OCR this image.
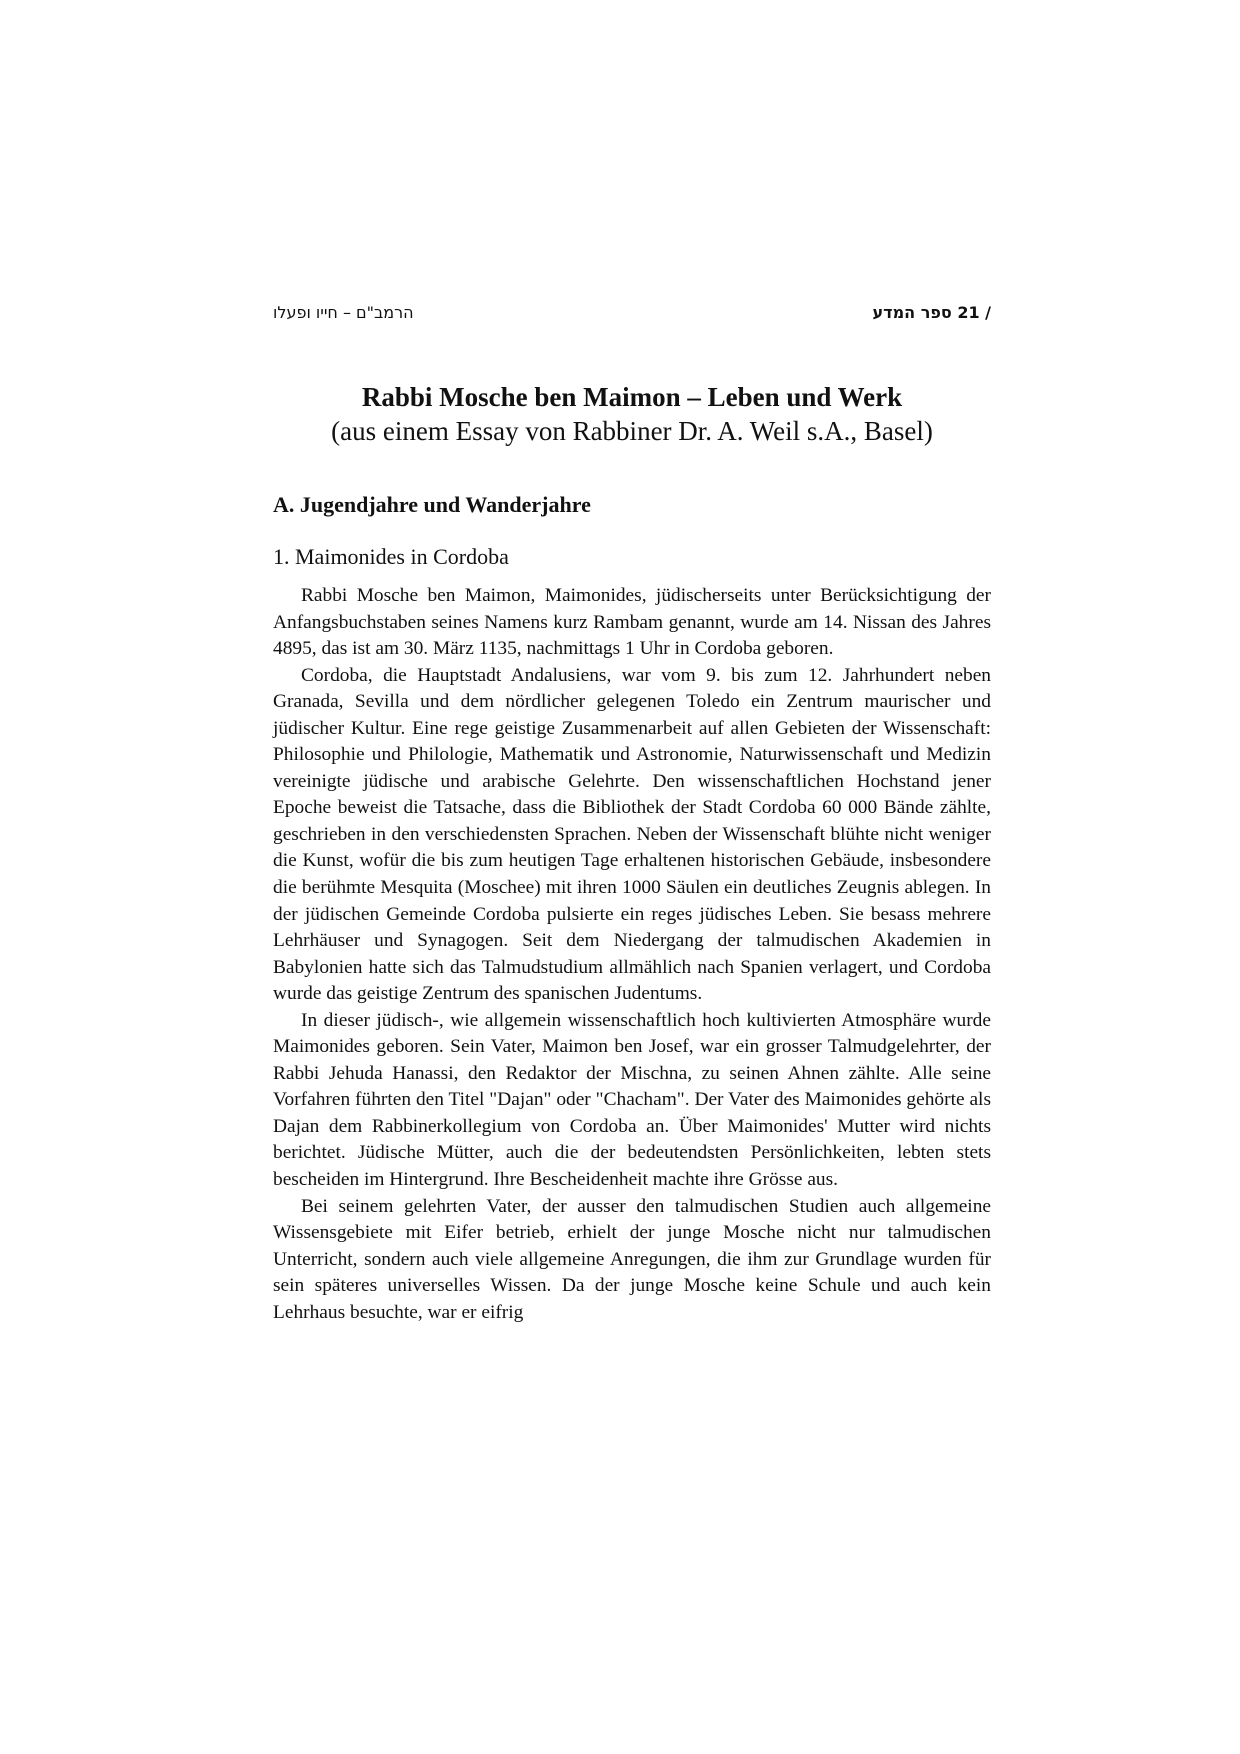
הרמב"ם – חייו ופעלו	ספר המדע 21 /
Rabbi Mosche ben Maimon – Leben und Werk
(aus einem Essay von Rabbiner Dr. A. Weil s.A., Basel)
A. Jugendjahre und Wanderjahre
1. Maimonides in Cordoba

Rabbi Mosche ben Maimon, Maimonides, jüdischerseits unter Berücksichtigung der Anfangsbuchstaben seines Namens kurz Rambam genannt, wurde am 14. Nissan des Jahres 4895, das ist am 30. März 1135, nachmittags 1 Uhr in Cordoba geboren.

Cordoba, die Hauptstadt Andalusiens, war vom 9. bis zum 12. Jahrhundert neben Granada, Sevilla und dem nördlicher gelegenen Toledo ein Zentrum maurischer und jüdischer Kultur. Eine rege geistige Zusammenarbeit auf allen Gebieten der Wissenschaft: Philosophie und Philologie, Mathematik und Astronomie, Naturwissenschaft und Medizin vereinigte jüdische und arabische Gelehrte. Den wissenschaftlichen Hochstand jener Epoche beweist die Tatsache, dass die Bibliothek der Stadt Cordoba 60 000 Bände zählte, geschrieben in den verschiedensten Sprachen. Neben der Wissenschaft blühte nicht weniger die Kunst, wofür die bis zum heutigen Tage erhaltenen historischen Gebäude, insbesondere die berühmte Mesquita (Moschee) mit ihren 1000 Säulen ein deutliches Zeugnis ablegen. In der jüdischen Gemeinde Cordoba pulsierte ein reges jüdisches Leben. Sie besass mehrere Lehrhäuser und Synagogen. Seit dem Niedergang der talmudischen Akademien in Babylonien hatte sich das Talmudstudium allmählich nach Spanien verlagert, und Cordoba wurde das geistige Zentrum des spanischen Judentums.

In dieser jüdisch-, wie allgemein wissenschaftlich hoch kultivierten Atmosphäre wurde Maimonides geboren. Sein Vater, Maimon ben Josef, war ein grosser Talmudgelehrter, der Rabbi Jehuda Hanassi, den Redaktor der Mischna, zu seinen Ahnen zählte. Alle seine Vorfahren führten den Titel "Dajan" oder "Chacham". Der Vater des Maimonides gehörte als Dajan dem Rabbinerkollegium von Cordoba an. Über Maimonides' Mutter wird nichts berichtet. Jüdische Mütter, auch die der bedeutendsten Persönlichkeiten, lebten stets bescheiden im Hintergrund. Ihre Bescheidenheit machte ihre Grösse aus.

Bei seinem gelehrten Vater, der ausser den talmudischen Studien auch allgemeine Wissensgebiete mit Eifer betrieb, erhielt der junge Mosche nicht nur talmudischen Unterricht, sondern auch viele allgemeine Anregungen, die ihm zur Grundlage wurden für sein späteres universelles Wissen. Da der junge Mosche keine Schule und auch kein Lehrhaus besuchte, war er eifrig
